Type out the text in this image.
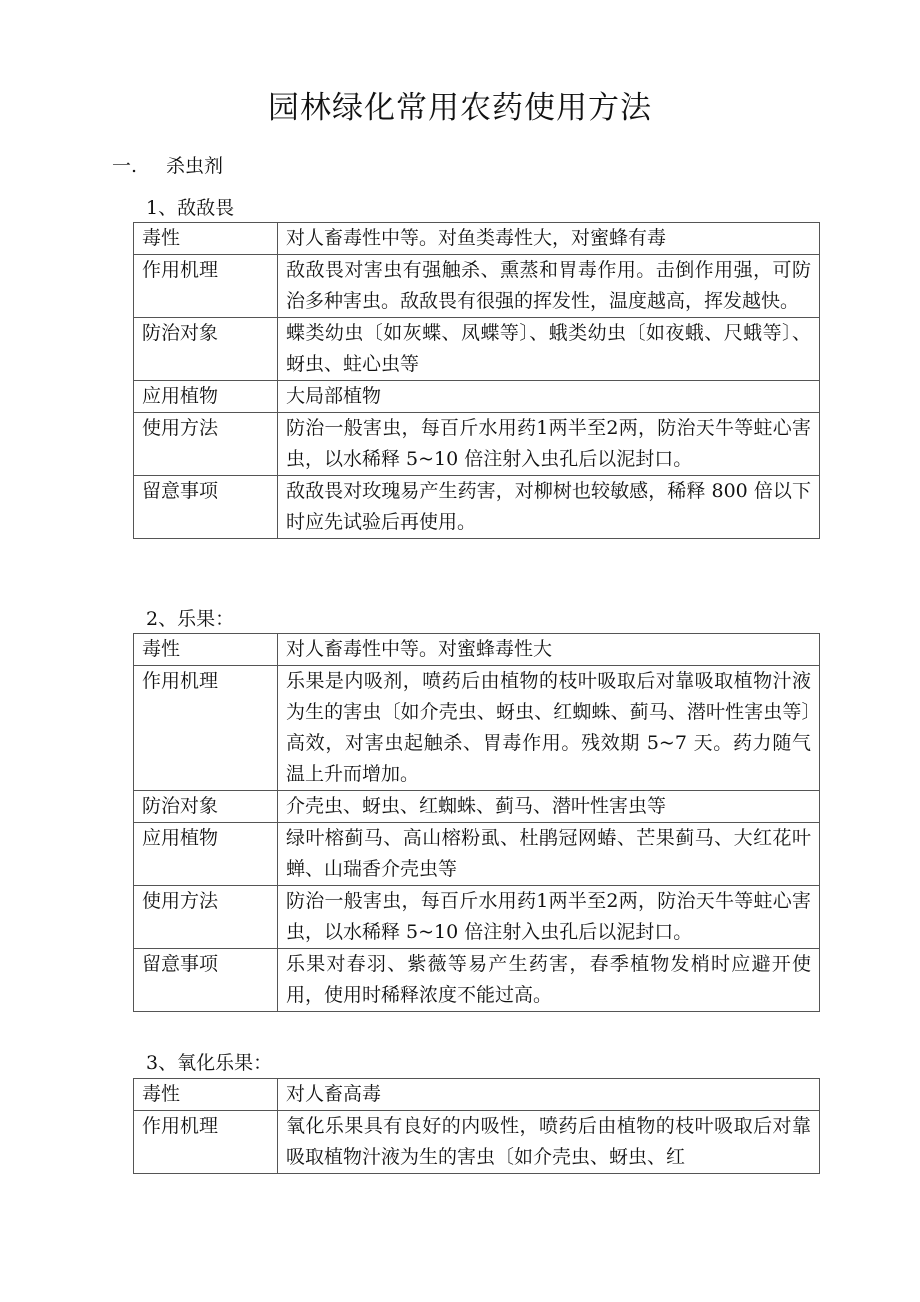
园林绿化常用农药使用方法
一. 杀虫剂
1、敌敌畏
毒性	对人畜毒性中等。对鱼类毒性大，对蜜蜂有毒
作用机理	敌敌畏对害虫有强触杀、熏蒸和胃毒作用。击倒作用强，可防治多种害虫。敌敌畏有很强的挥发性，温度越高，挥发越快。
防治对象	蝶类幼虫〔如灰蝶、凤蝶等〕、蛾类幼虫〔如夜蛾、尺蛾等〕、蚜虫、蛀心虫等
应用植物	大局部植物
使用方法	防治一般害虫，每百斤水用药1两半至2两，防治天牛等蛀心害虫，以水稀释 5~10 倍注射入虫孔后以泥封口。
留意事项	敌敌畏对玫瑰易产生药害，对柳树也较敏感，稀释 800 倍以下时应先试验后再使用。
2、乐果：
毒性	对人畜毒性中等。对蜜蜂毒性大
作用机理	乐果是内吸剂，喷药后由植物的枝叶吸取后对靠吸取植物汁液为生的害虫〔如介壳虫、蚜虫、红蜘蛛、蓟马、潜叶性害虫等〕高效，对害虫起触杀、胃毒作用。残效期 5~7 天。药力随气温上升而增加。
防治对象	介壳虫、蚜虫、红蜘蛛、蓟马、潜叶性害虫等
应用植物	绿叶榕蓟马、高山榕粉虱、杜鹃冠网蝽、芒果蓟马、大红花叶蝉、山瑞香介壳虫等
使用方法	防治一般害虫，每百斤水用药1两半至2两，防治天牛等蛀心害虫，以水稀释 5~10 倍注射入虫孔后以泥封口。
留意事项	乐果对春羽、紫薇等易产生药害，春季植物发梢时应避开使用，使用时稀释浓度不能过高。
3、氧化乐果：
毒性	对人畜高毒
作用机理	氧化乐果具有良好的内吸性，喷药后由植物的枝叶吸取后对靠吸取植物汁液为生的害虫〔如介壳虫、蚜虫、红
